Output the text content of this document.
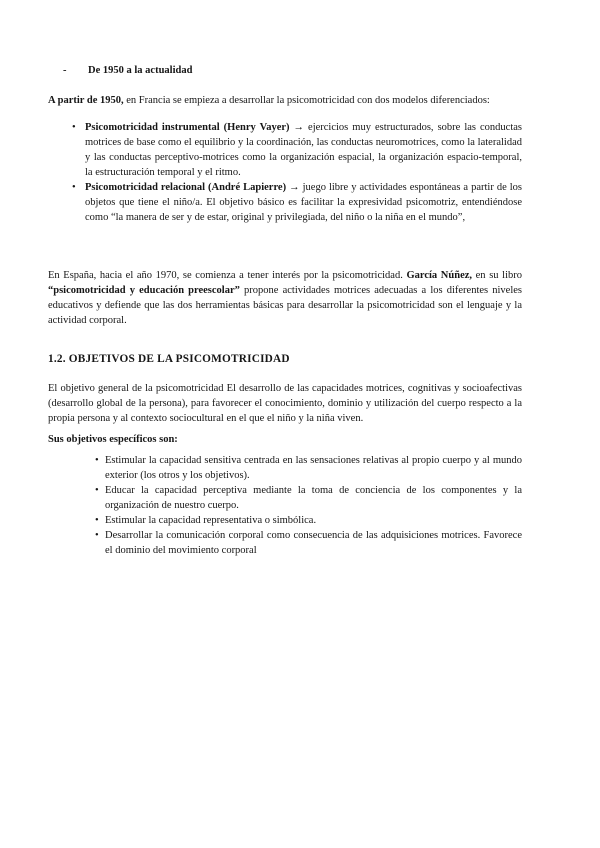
-	De 1950 a la actualidad

A partir de 1950, en Francia se empieza a desarrollar la psicomotricidad con dos modelos diferenciados:

• Psicomotricidad instrumental (Henry Vayer) → ejercicios muy estructurados, sobre las conductas motrices de base como el equilibrio y la coordinación, las conductas neuromotrices, como la lateralidad y las conductas perceptivo-motrices como la organización espacial, la organización espacio-temporal, la estructuración temporal y el ritmo.
• Psicomotricidad relacional (André Lapierre) → juego libre y actividades espontáneas a partir de los objetos que tiene el niño/a. El objetivo básico es facilitar la expresividad psicomotriz, entendiéndose como “la manera de ser y de estar, original y privilegiada, del niño o la niña en el mundo”,

En España, hacia el año 1970, se comienza a tener interés por la psicomotricidad. García Núñez, en su libro “psicomotricidad y educación preescolar” propone actividades motrices adecuadas a los diferentes niveles educativos y defiende que las dos herramientas básicas para desarrollar la psicomotricidad son el lenguaje y la actividad corporal.

1.2. OBJETIVOS DE LA PSICOMOTRICIDAD

El objetivo general de la psicomotricidad El desarrollo de las capacidades motrices, cognitivas y socioafectivas (desarrollo global de la persona), para favorecer el conocimiento, dominio y utilización del cuerpo respecto a la propia persona y al contexto sociocultural en el que el niño y la niña viven.

Sus objetivos específicos son:

• Estimular la capacidad sensitiva centrada en las sensaciones relativas al propio cuerpo y al mundo exterior (los otros y los objetivos).
• Educar la capacidad perceptiva mediante la toma de conciencia de los componentes y la organización de nuestro cuerpo.
• Estimular la capacidad representativa o simbólica.
• Desarrollar la comunicación corporal como consecuencia de las adquisiciones motrices. Favorece el dominio del movimiento corporal
